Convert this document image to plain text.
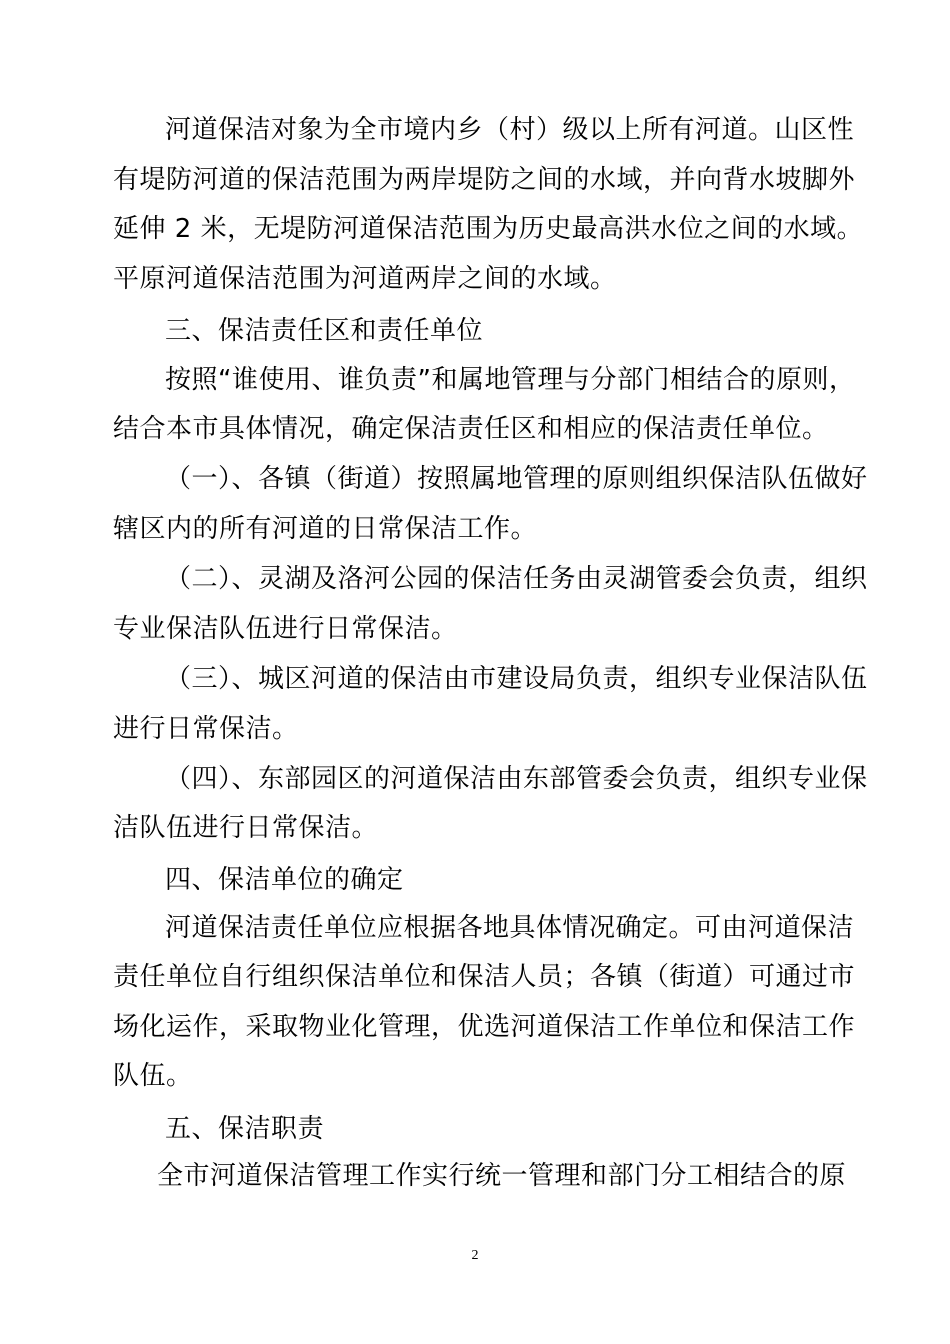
河道保洁对象为全市境内乡（村）级以上所有河道。山区性
有堤防河道的保洁范围为两岸堤防之间的水域，并向背水坡脚外
延伸 2 米，无堤防河道保洁范围为历史最高洪水位之间的水域。
平原河道保洁范围为河道两岸之间的水域。
三、保洁责任区和责任单位
按照“谁使用、谁负责”和属地管理与分部门相结合的原则，
结合本市具体情况，确定保洁责任区和相应的保洁责任单位。
（一）、各镇（街道）按照属地管理的原则组织保洁队伍做好
辖区内的所有河道的日常保洁工作。
（二）、灵湖及洛河公园的保洁任务由灵湖管委会负责，组织
专业保洁队伍进行日常保洁。
（三）、城区河道的保洁由市建设局负责，组织专业保洁队伍
进行日常保洁。
（四）、东部园区的河道保洁由东部管委会负责，组织专业保
洁队伍进行日常保洁。
四、保洁单位的确定
河道保洁责任单位应根据各地具体情况确定。可由河道保洁
责任单位自行组织保洁单位和保洁人员；各镇（街道）可通过市
场化运作，采取物业化管理，优选河道保洁工作单位和保洁工作
队伍。
五、保洁职责
全市河道保洁管理工作实行统一管理和部门分工相结合的原
2
